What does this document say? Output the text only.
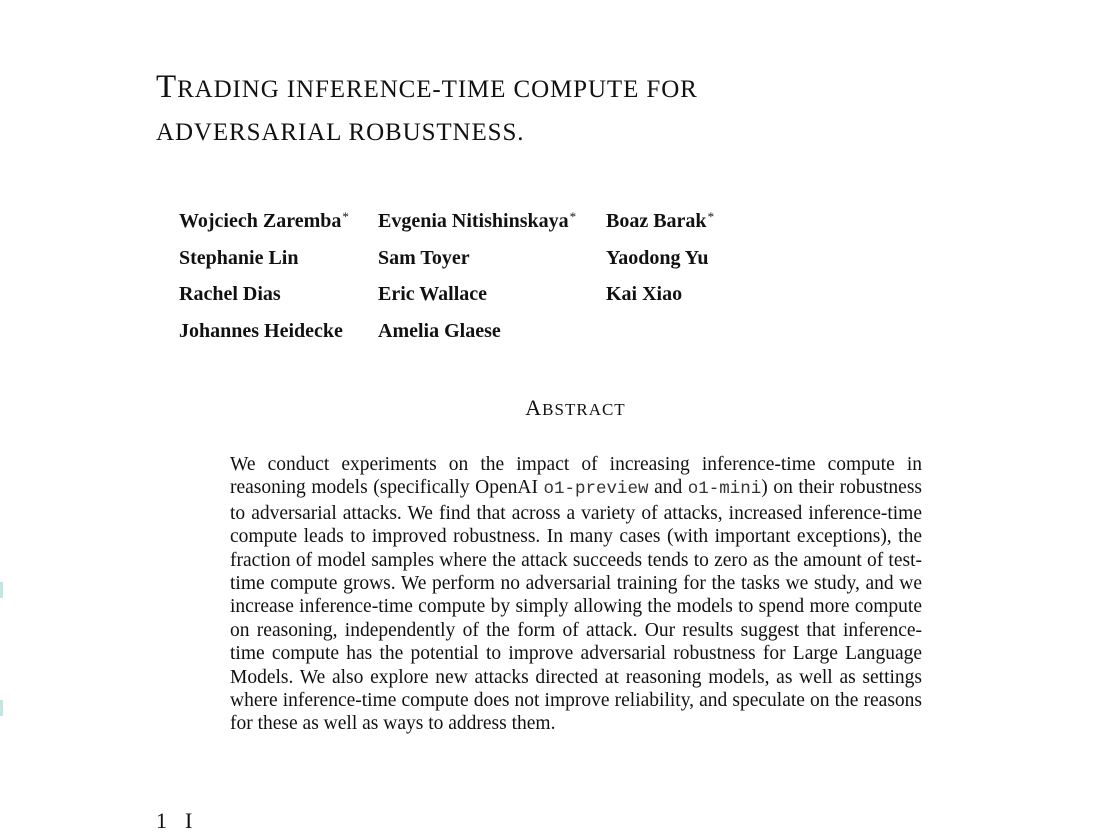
TRADING INFERENCE-TIME COMPUTE FOR
ADVERSARIAL ROBUSTNESS.
Wojciech Zaremba*	Evgenia Nitishinskaya*	Boaz Barak*
Stephanie Lin	Sam Toyer	Yaodong Yu
Rachel Dias	Eric Wallace	Kai Xiao
Johannes Heidecke	Amelia Glaese
ABSTRACT

We conduct experiments on the impact of increasing inference-time compute in reasoning models (specifically OpenAI o1-preview and o1-mini) on their robustness to adversarial attacks. We find that across a variety of attacks, increased inference-time compute leads to improved robustness. In many cases (with important exceptions), the fraction of model samples where the attack succeeds tends to zero as the amount of test-time compute grows. We perform no adversarial training for the tasks we study, and we increase inference-time compute by simply allowing the models to spend more compute on reasoning, independently of the form of attack. Our results suggest that inference-time compute has the potential to improve adversarial robustness for Large Language Models. We also explore new attacks directed at reasoning models, as well as settings where inference-time compute does not improve reliability, and speculate on the reasons for these as well as ways to address them.

1 I
